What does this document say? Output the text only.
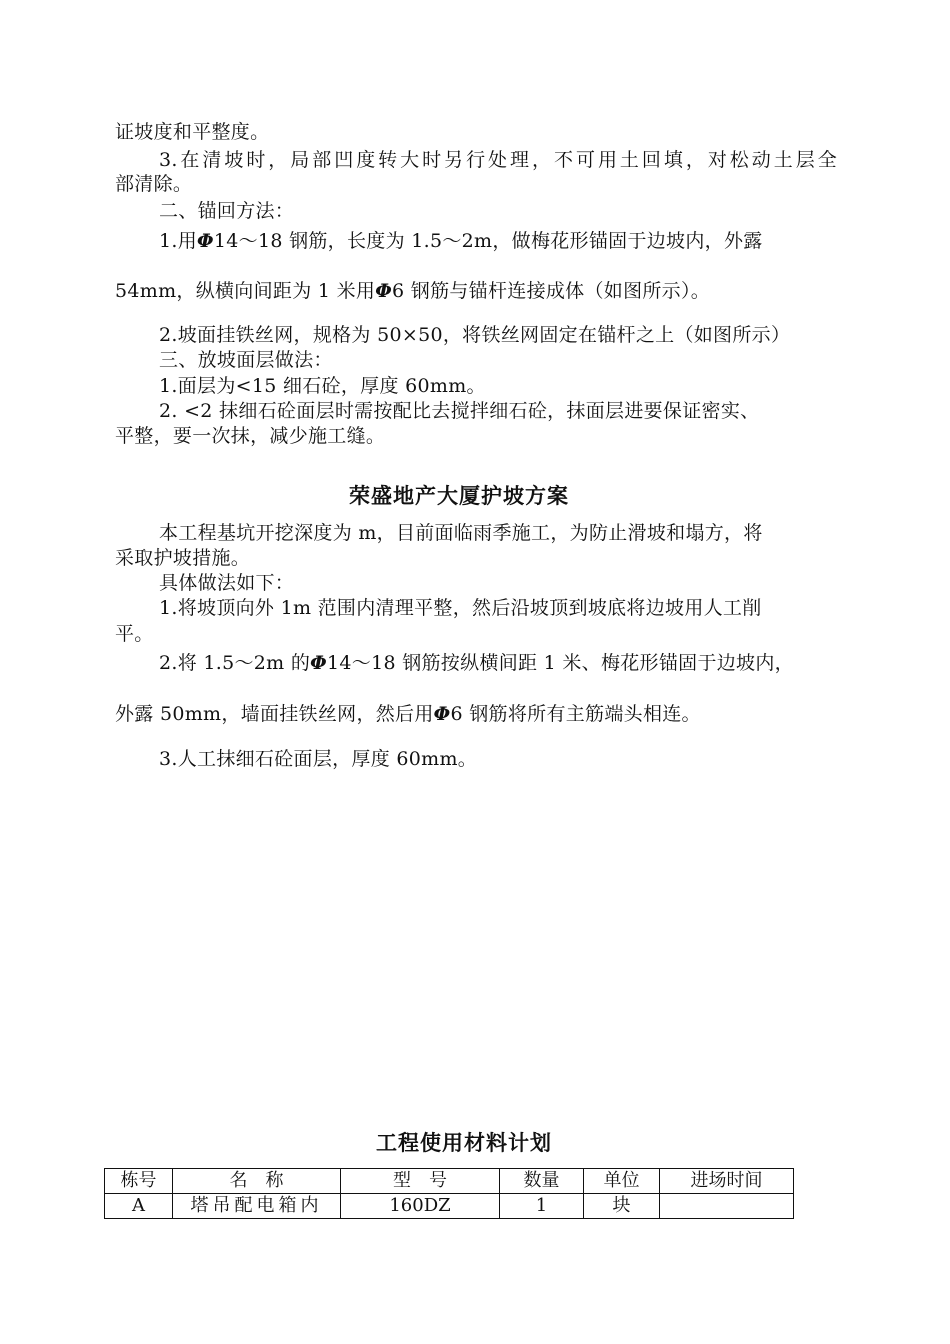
证坡度和平整度。
3.在清坡时，局部凹度转大时另行处理，不可用土回填，对松动土层全
部清除。
二、锚回方法：
1.用Φ14～18 钢筋，长度为 1.5～2m，做梅花形锚固于边坡内，外露
54mm，纵横向间距为 1 米用Φ6 钢筋与锚杆连接成体（如图所示）。
2.坡面挂铁丝网，规格为 50×50，将铁丝网固定在锚杆之上（如图所示）
三、放坡面层做法：
1.面层为<15 细石砼，厚度 60mm。
2. <2 抹细石砼面层时需按配比去搅拌细石砼，抹面层进要保证密实、
平整，要一次抹，减少施工缝。
荣盛地产大厦护坡方案
本工程基坑开挖深度为 m，目前面临雨季施工，为防止滑坡和塌方，将
采取护坡措施。
具体做法如下：
1.将坡顶向外 1m 范围内清理平整，然后沿坡顶到坡底将边坡用人工削
平。
2.将 1.5～2m 的Φ14～18 钢筋按纵横间距 1 米、梅花形锚固于边坡内，
外露 50mm，墙面挂铁丝网，然后用Φ6 钢筋将所有主筋端头相连。
3.人工抹细石砼面层，厚度 60mm。
工程使用材料计划
栋号	名　称	型　号	数量	单位	进场时间
A	塔吊配电箱内	160DZ	1	块	
